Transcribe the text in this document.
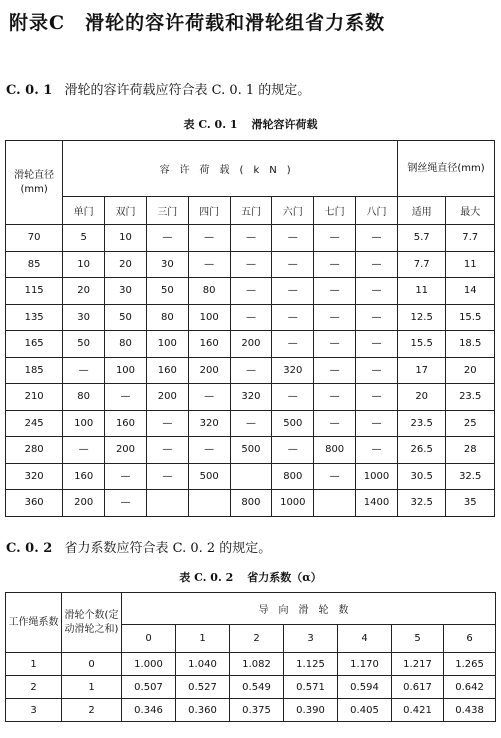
附录C　滑轮的容许荷载和滑轮组省力系数
C. 0. 1 滑轮的容许荷载应符合表 C. 0. 1 的规定。
表 C. 0. 1 滑轮容许荷载
滑轮直径(mm)	容许荷载(kN)								钢丝绳直径(mm)	
	单门	双门	三门	四门	五门	六门	七门	八门	适用	最大
70	5	10	—	—	—	—	—	—	5.7	7.7
85	10	20	30	—	—	—	—	—	7.7	11
115	20	30	50	80	—	—	—	—	11	14
135	30	50	80	100	—	—	—	—	12.5	15.5
165	50	80	100	160	200	—	—	—	15.5	18.5
185	—	100	160	200	—	320	—	—	17	20
210	80	—	200	—	320	—	—	—	20	23.5
245	100	160	—	320	—	500	—	—	23.5	25
280	—	200	—	—	500	—	800	—	26.5	28
320	160	—	—	500		800	—	1000	30.5	32.5
360	200	—			800	1000		1400	32.5	35
C. 0. 2 省力系数应符合表 C. 0. 2 的规定。
表 C. 0. 2 省力系数（α）
工作绳系数	滑轮个数(定动滑轮之和)	导向滑轮数						
		0	1	2	3	4	5	6
1	0	1.000	1.040	1.082	1.125	1.170	1.217	1.265
2	1	0.507	0.527	0.549	0.571	0.594	0.617	0.642
3	2	0.346	0.360	0.375	0.390	0.405	0.421	0.438
